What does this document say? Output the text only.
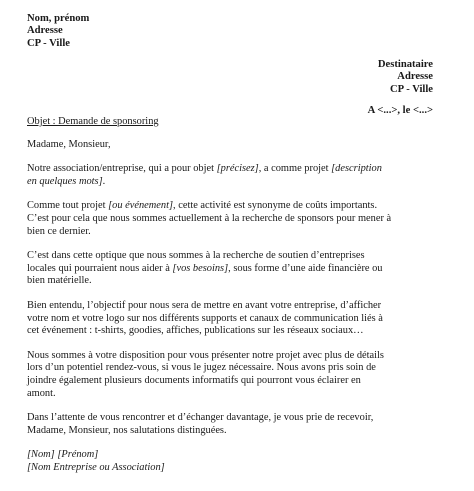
Nom, prénom
Adresse
CP - Ville
Destinataire
Adresse
CP - Ville
A <...>, le <...>

Objet : Demande de sponsoring

Madame, Monsieur,

Notre association/entreprise, qui a pour objet [précisez], a comme projet [description
en quelques mots].

Comme tout projet [ou événement], cette activité est synonyme de coûts importants.
C’est pour cela que nous sommes actuellement à la recherche de sponsors pour mener à
bien ce dernier.

C’est dans cette optique que nous sommes à la recherche de soutien d’entreprises
locales qui pourraient nous aider à [vos besoins], sous forme d’une aide financière ou
bien matérielle.

Bien entendu, l’objectif pour nous sera de mettre en avant votre entreprise, d’afficher
votre nom et votre logo sur nos différents supports et canaux de communication liés à
cet événement : t-shirts, goodies, affiches, publications sur les réseaux sociaux…

Nous sommes à votre disposition pour vous présenter notre projet avec plus de détails
lors d’un potentiel rendez-vous, si vous le jugez nécessaire. Nous avons pris soin de
joindre également plusieurs documents informatifs qui pourront vous éclairer en
amont.

Dans l’attente de vous rencontrer et d’échanger davantage, je vous prie de recevoir,
Madame, Monsieur, nos salutations distinguées.

[Nom] [Prénom]
[Nom Entreprise ou Association]
